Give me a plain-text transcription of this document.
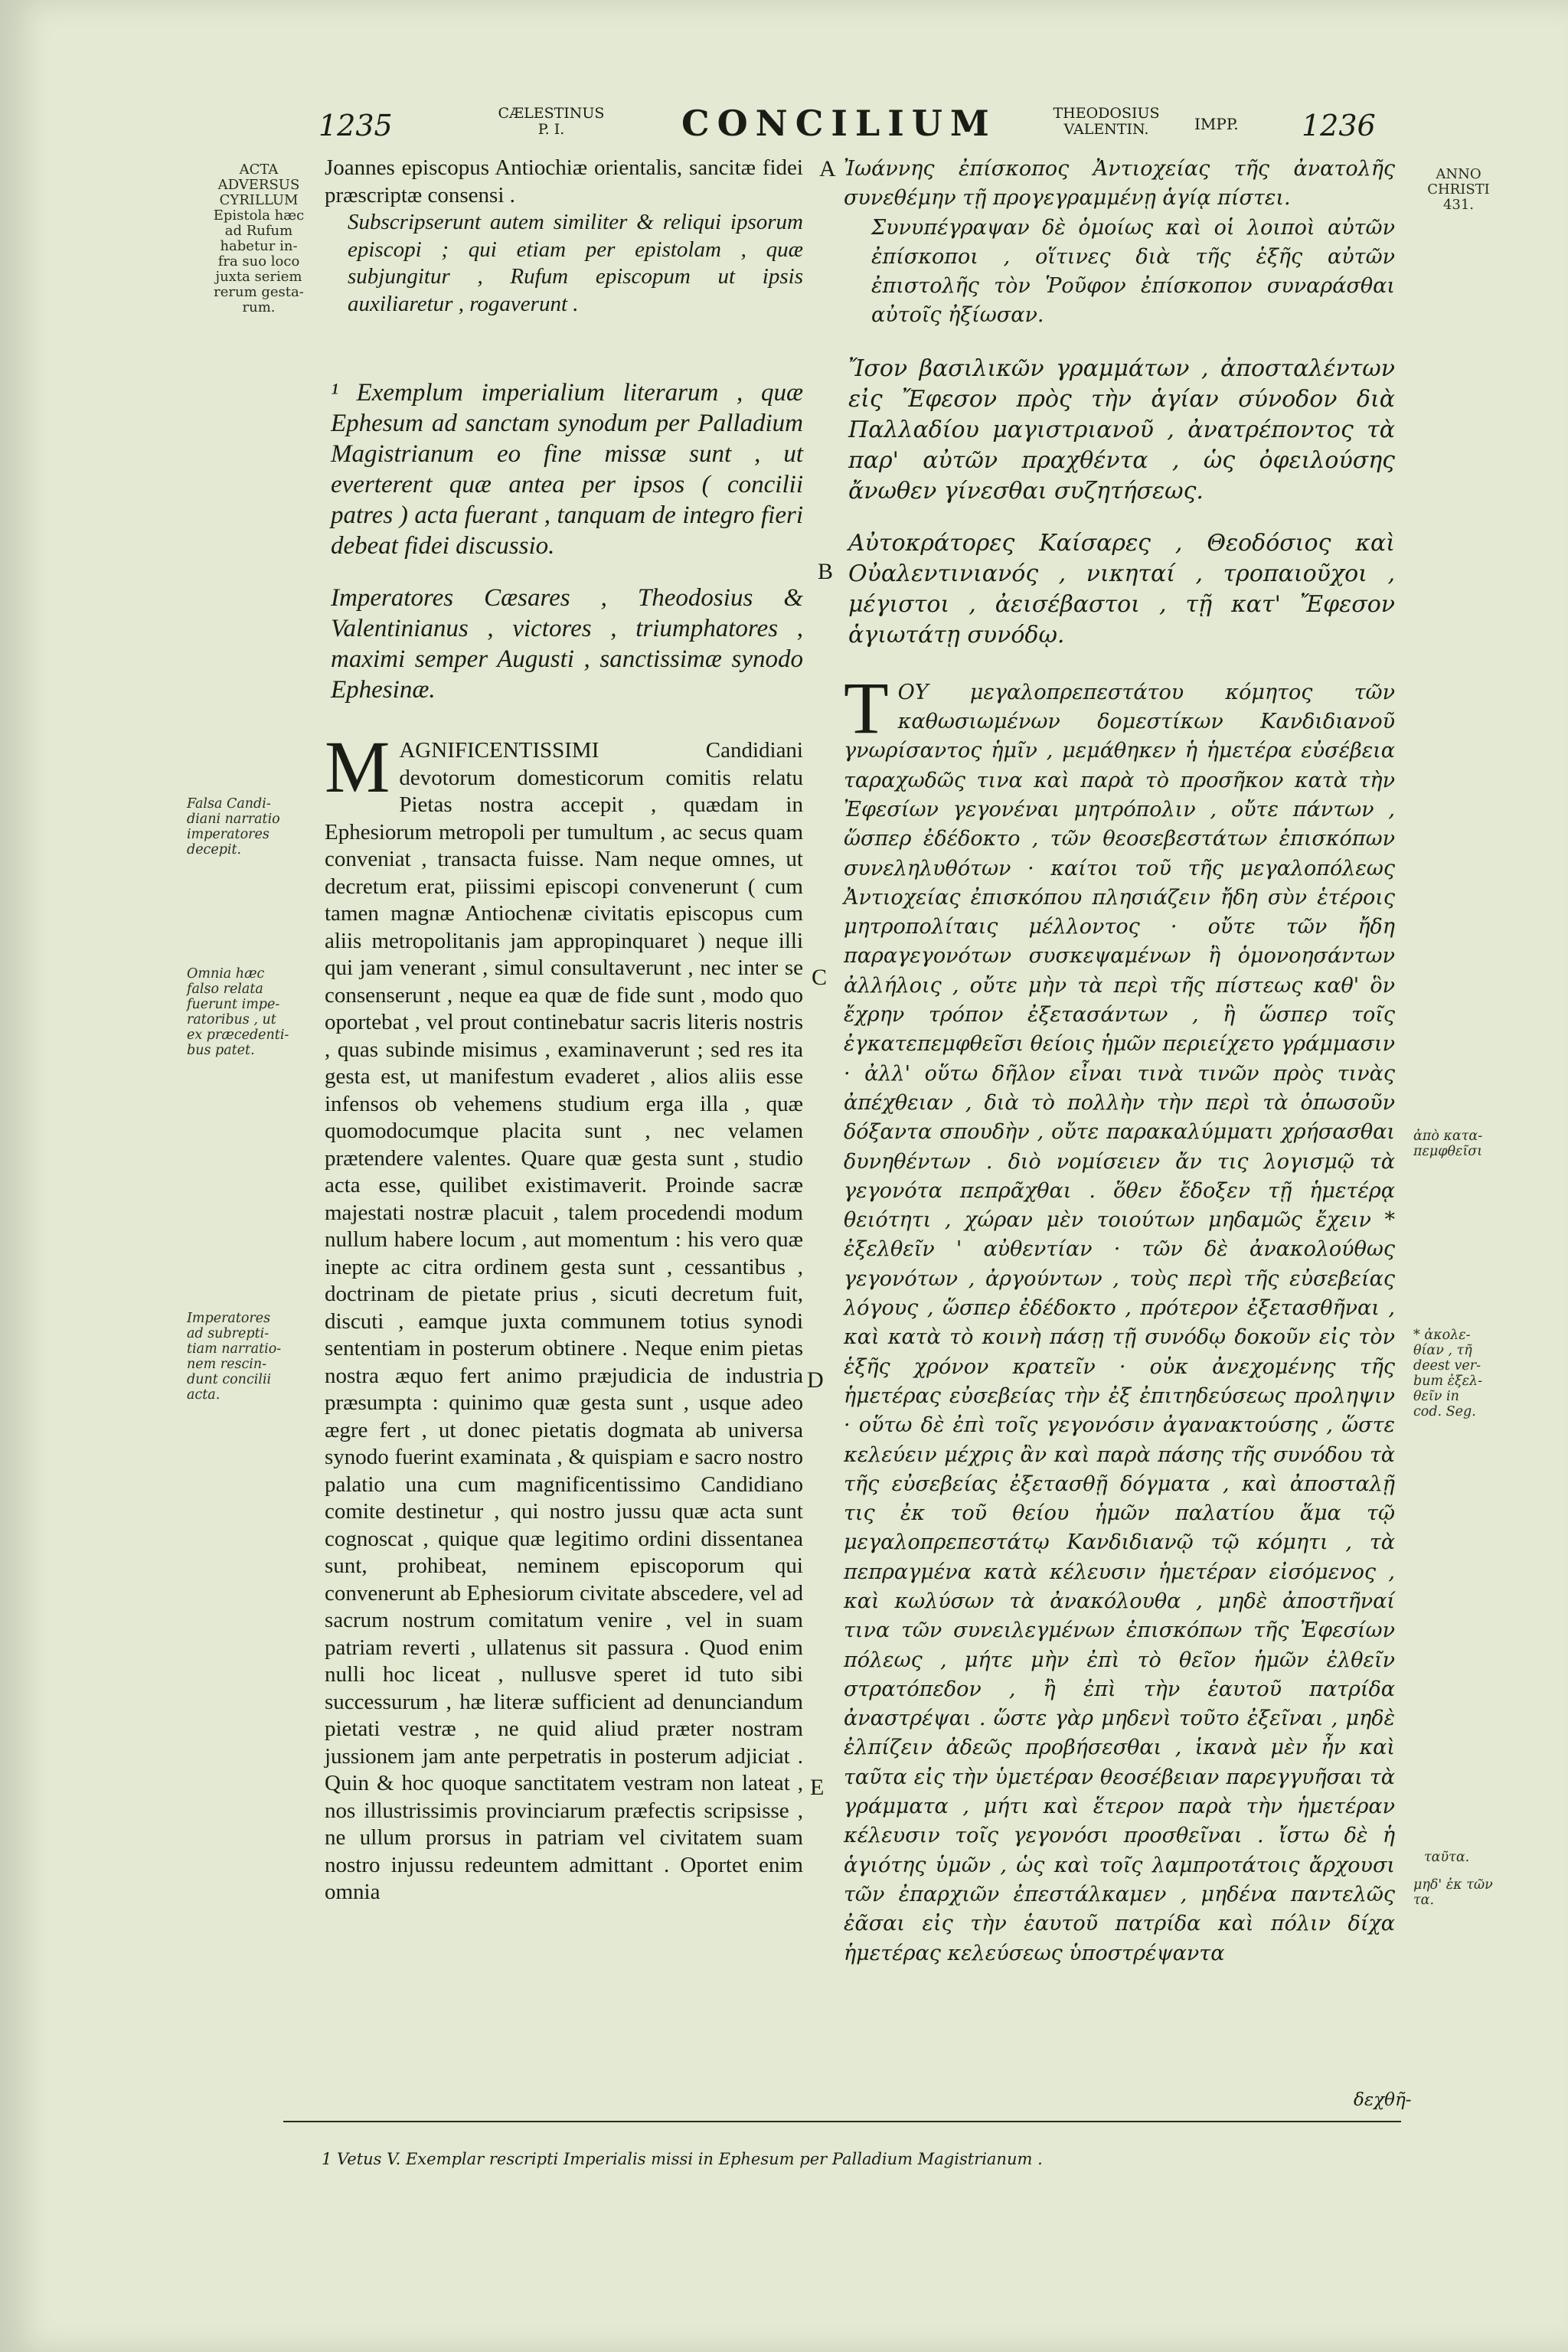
1235	CÆLESTINUS
P. I.	CONCILIUM	THEODOSIUS
VALENTIN.	IMPP. 1236
ACTA
ADVERSUS
CYRILLUM
Epistola hæc
ad Rufum
habetur in-
fra suo loco
juxta seriem
rerum gesta-
rum.
Falsa Candi-
diani narratio
imperatores
decepit.
Omnia hæc
falso relata
fuerunt impe-
ratoribus , ut
ex præcedenti-
bus patet.
Imperatores
ad subrepti-
tiam narratio-
nem rescin-
dunt concilii
acta.
ANNO
CHRISTI
431.
ἀπὸ κατα-
πεμφθεῖσι
* ἀκολε-
θίαν , τῆ
deest ver-
bum ἐξελ-
θεῖν in
cod. Seg.
ταῦτα.
μηδ' ἐκ τῶν
τα.
A
B
C
D
E

Joannes episcopus Antiochiæ orientalis, sancitæ fidei præscriptæ consensi .

Subscripserunt autem similiter & reliqui ipsorum episcopi ; qui etiam per epistolam , quæ subjungitur , Rufum episcopum ut ipsis auxiliaretur , rogaverunt .

¹ Exemplum imperialium literarum , quæ Ephesum ad sanctam synodum per Palladium Magistrianum eo fine missæ sunt , ut everterent quæ antea per ipsos ( concilii patres ) acta fuerant , tanquam de integro fieri debeat fidei discussio.

Imperatores Cæsares , Theodosius & Valentinianus , victores , triumphatores , maximi semper Augusti , sanctissimæ synodo Ephesinæ.

M AGNIFICENTISSIMI Candidiani devotorum domesticorum comitis relatu Pietas nostra accepit , quædam in Ephesiorum metropoli per tumultum , ac secus quam conveniat , transacta fuisse. Nam neque omnes, ut decretum erat, piissimi episcopi convenerunt ( cum tamen magnæ Antiochenæ civitatis episcopus cum aliis metropolitanis jam appropinquaret ) neque illi qui jam venerant , simul consultaverunt , nec inter se consenserunt , neque ea quæ de fide sunt , modo quo oportebat , vel prout continebatur sacris literis nostris , quas subinde misimus , examinaverunt ; sed res ita gesta est, ut manifestum evaderet , alios aliis esse infensos ob vehemens studium erga illa , quæ quomodocumque placita sunt , nec velamen prætendere valentes. Quare quæ gesta sunt , studio acta esse, quilibet existimaverit. Proinde sacræ majestati nostræ placuit , talem procedendi modum nullum habere locum , aut momentum : his vero quæ inepte ac citra ordinem gesta sunt , cessantibus , doctrinam de pietate prius , sicuti decretum fuit, discuti , eamque juxta communem totius synodi sententiam in posterum obtinere . Neque enim pietas nostra æquo fert animo præjudicia de industria præsumpta : quinimo quæ gesta sunt , usque adeo ægre fert , ut donec pietatis dogmata ab universa synodo fuerint examinata , & quispiam e sacro nostro palatio una cum magnificentissimo Candidiano comite destinetur , qui nostro jussu quæ acta sunt cognoscat , quique quæ legitimo ordini dissentanea sunt, prohibeat, neminem episcoporum qui convenerunt ab Ephesiorum civitate abscedere, vel ad sacrum nostrum comitatum venire , vel in suam patriam reverti , ullatenus sit passura . Quod enim nulli hoc liceat , nullusve speret id tuto sibi successurum , hæ literæ sufficient ad denunciandum pietati vestræ , ne quid aliud præter nostram jussionem jam ante perpetratis in posterum adjiciat . Quin & hoc quoque sanctitatem vestram non lateat , nos illustrissimis provinciarum præfectis scripsisse , ne ullum prorsus in patriam vel civitatem suam nostro injussu redeuntem admittant . Oportet enim omnia

Ἰωάννης ἐπίσκοπος Ἀντιοχείας τῆς ἀνατολῆς συνεθέμην τῇ προγεγραμμένῃ ἁγίᾳ πίστει.

Συνυπέγραψαν δὲ ὁμοίως καὶ οἱ λοιποὶ αὐτῶν ἐπίσκοποι , οἵτινες διὰ τῆς ἑξῆς αὐτῶν ἐπιστολῆς τὸν Ῥοῦφον ἐπίσκοπον συναράσθαι αὐτοῖς ἠξίωσαν.

Ἴσον βασιλικῶν γραμμάτων , ἀποσταλέντων εἰς Ἔφεσον πρὸς τὴν ἁγίαν σύνοδον διὰ Παλλαδίου μαγιστριανοῦ , ἀνατρέποντος τὰ παρ' αὐτῶν πραχθέντα , ὡς ὀφειλούσης ἄνωθεν γίνεσθαι συζητήσεως.

Αὐτοκράτορες Καίσαρες , Θεοδόσιος καὶ Οὐαλεντινιανός , νικηταί , τροπαιοῦχοι , μέγιστοι , ἀεισέβαστοι , τῇ κατ' Ἔφεσον ἁγιωτάτῃ συνόδῳ.

T ΟΥ μεγαλοπρεπεστάτου κόμητος τῶν καθωσιωμένων δομεστίκων Κανδιδιανοῦ γνωρίσαντος ἡμῖν , μεμάθηκεν ἡ ἡμετέρα εὐσέβεια ταραχωδῶς τινα καὶ παρὰ τὸ προσῆκον κατὰ τὴν Ἐφεσίων γεγονέναι μητρόπολιν , οὔτε πάντων , ὥσπερ ἐδέδοκτο , τῶν θεοσεβεστάτων ἐπισκόπων συνεληλυθότων · καίτοι τοῦ τῆς μεγαλοπόλεως Ἀντιοχείας ἐπισκόπου πλησιάζειν ἤδη σὺν ἑτέροις μητροπολίταις μέλλοντος · οὔτε τῶν ἤδη παραγεγονότων συσκεψαμένων ἢ ὁμονοησάντων ἀλλήλοις , οὔτε μὴν τὰ περὶ τῆς πίστεως καθ' ὃν ἔχρην τρόπον ἐξετασάντων , ἢ ὥσπερ τοῖς ἐγκατεπεμφθεῖσι θείοις ἡμῶν περιείχετο γράμμασιν · ἀλλ' οὕτω δῆλον εἶναι τινὰ τινῶν πρὸς τινὰς ἀπέχθειαν , διὰ τὸ πολλὴν τὴν περὶ τὰ ὁπωσοῦν δόξαντα σπουδὴν , οὔτε παρακαλύμματι χρήσασθαι δυνηθέντων . διὸ νομίσειεν ἄν τις λογισμῷ τὰ γεγονότα πεπρᾶχθαι . ὅθεν ἔδοξεν τῇ ἡμετέρᾳ θειότητι , χώραν μὲν τοιούτων μηδαμῶς ἔχειν * ἐξελθεῖν ' αὐθεντίαν · τῶν δὲ ἀνακολούθως γεγονότων , ἀργούντων , τοὺς περὶ τῆς εὐσεβείας λόγους , ὥσπερ ἐδέδοκτο , πρότερον ἐξετασθῆναι , καὶ κατὰ τὸ κοινὴ πάσῃ τῇ συνόδῳ δοκοῦν εἰς τὸν ἑξῆς χρόνον κρατεῖν · οὐκ ἀνεχομένης τῆς ἡμετέρας εὐσεβείας τὴν ἐξ ἐπιτηδεύσεως προληψιν · οὕτω δὲ ἐπὶ τοῖς γεγονόσιν ἀγανακτούσης , ὥστε κελεύειν μέχρις ἂν καὶ παρὰ πάσης τῆς συνόδου τὰ τῆς εὐσεβείας ἐξετασθῇ δόγματα , καὶ ἀποσταλῇ τις ἐκ τοῦ θείου ἡμῶν παλατίου ἅμα τῷ μεγαλοπρεπεστάτῳ Κανδιδιανῷ τῷ κόμητι , τὰ πεπραγμένα κατὰ κέλευσιν ἡμετέραν εἰσόμενος , καὶ κωλύσων τὰ ἀνακόλουθα , μηδὲ ἀποστῆναί τινα τῶν συνειλεγμένων ἐπισκόπων τῆς Ἐφεσίων πόλεως , μήτε μὴν ἐπὶ τὸ θεῖον ἡμῶν ἐλθεῖν στρατόπεδον , ἢ ἐπὶ τὴν ἑαυτοῦ πατρίδα ἀναστρέψαι . ὥστε γὰρ μηδενὶ τοῦτο ἐξεῖναι , μηδὲ ἐλπίζειν ἀδεῶς προβήσεσθαι , ἱκανὰ μὲν ἦν καὶ ταῦτα εἰς τὴν ὑμετέραν θεοσέβειαν παρεγγυῆσαι τὰ γράμματα , μήτι καὶ ἕτερον παρὰ τὴν ἡμετέραν κέλευσιν τοῖς γεγονόσι προσθεῖναι . ἴστω δὲ ἡ ἁγιότης ὑμῶν , ὡς καὶ τοῖς λαμπροτάτοις ἄρχουσι τῶν ἐπαρχιῶν ἐπεστάλκαμεν , μηδένα παντελῶς ἐᾶσαι εἰς τὴν ἑαυτοῦ πατρίδα καὶ πόλιν δίχα ἡμετέρας κελεύσεως ὑποστρέψαντα
δεχθῆ-
1 Vetus V. Exemplar rescripti Imperialis missi in Ephesum per Palladium Magistrianum .
